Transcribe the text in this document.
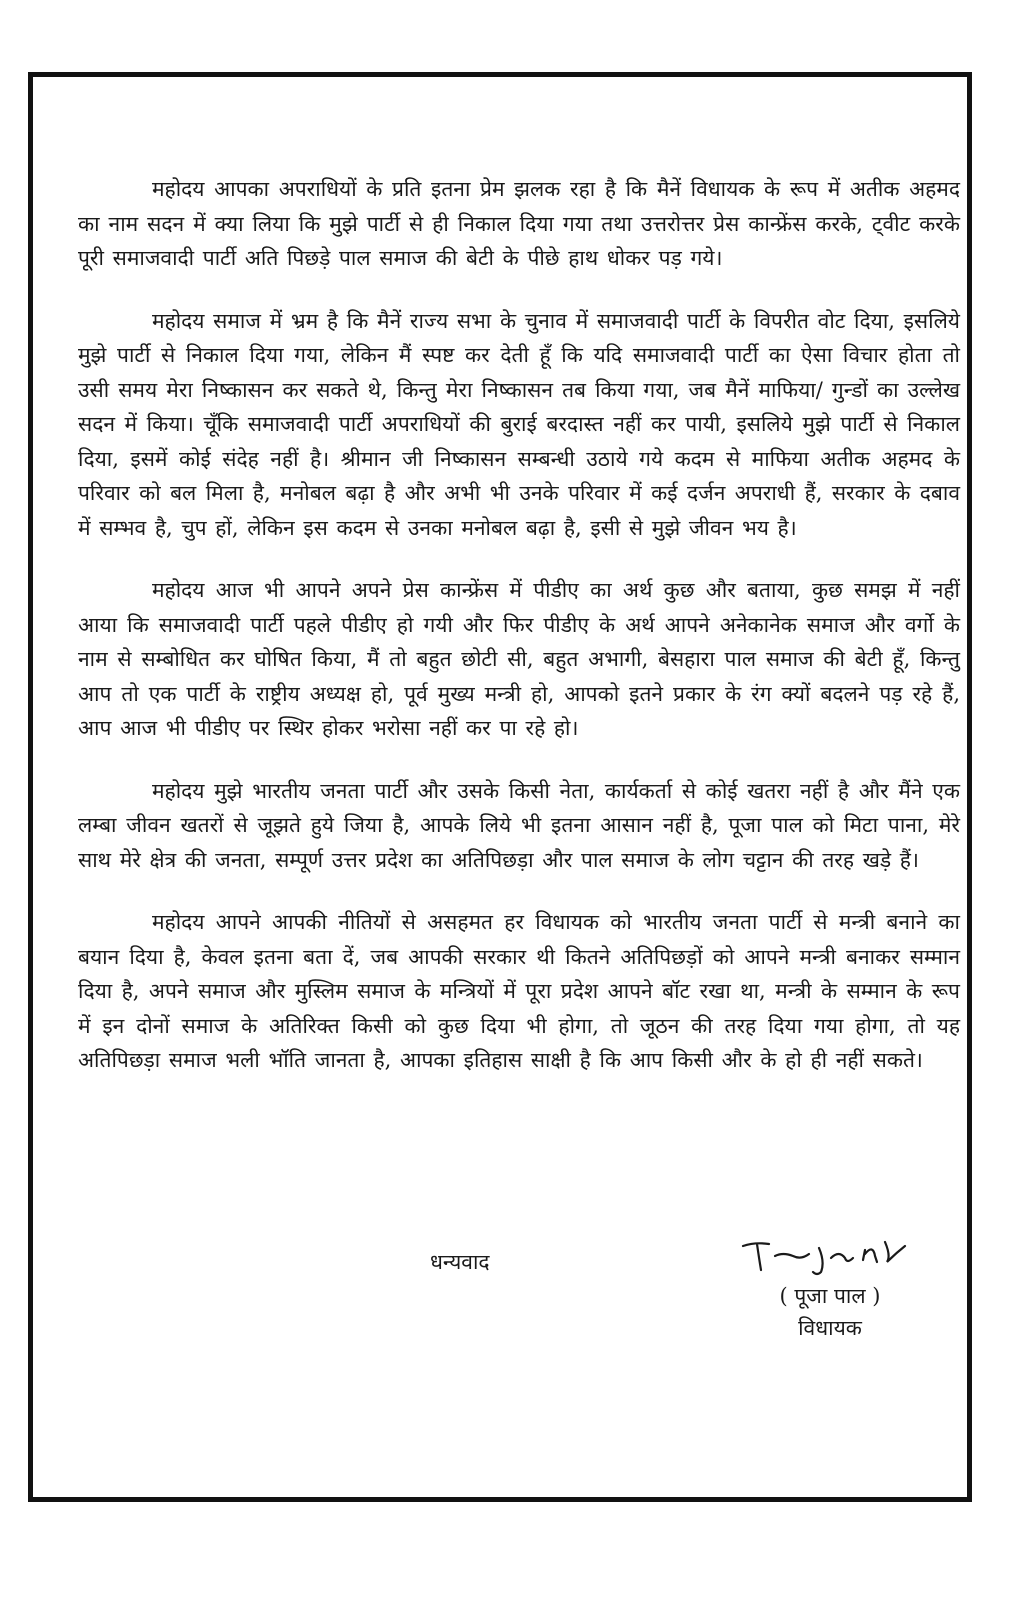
महोदय आपका अपराधियों के प्रति इतना प्रेम झलक रहा है कि मैनें विधायक के रूप में अतीक अहमद का नाम सदन में क्या लिया कि मुझे पार्टी से ही निकाल दिया गया तथा उत्तरोत्तर प्रेस कान्फ्रेंस करके, ट्वीट करके पूरी समाजवादी पार्टी अति पिछड़े पाल समाज की बेटी के पीछे हाथ धोकर पड़ गये।

महोदय समाज में भ्रम है कि मैनें राज्य सभा के चुनाव में समाजवादी पार्टी के विपरीत वोट दिया, इसलिये मुझे पार्टी से निकाल दिया गया, लेकिन मैं स्पष्ट कर देती हूँ कि यदि समाजवादी पार्टी का ऐसा विचार होता तो उसी समय मेरा निष्कासन कर सकते थे, किन्तु मेरा निष्कासन तब किया गया, जब मैनें माफिया/ गुन्डों का उल्लेख सदन में किया। चूँकि समाजवादी पार्टी अपराधियों की बुराई बरदास्त नहीं कर पायी, इसलिये मुझे पार्टी से निकाल दिया, इसमें कोई संदेह नहीं है। श्रीमान जी निष्कासन सम्बन्धी उठाये गये कदम से माफिया अतीक अहमद के परिवार को बल मिला है, मनोबल बढ़ा है और अभी भी उनके परिवार में कई दर्जन अपराधी हैं, सरकार के दबाव में सम्भव है, चुप हों, लेकिन इस कदम से उनका मनोबल बढ़ा है, इसी से मुझे जीवन भय है।

महोदय आज भी आपने अपने प्रेस कान्फ्रेंस में पीडीए का अर्थ कुछ और बताया, कुछ समझ में नहीं आया कि समाजवादी पार्टी पहले पीडीए हो गयी और फिर पीडीए के अर्थ आपने अनेकानेक समाज और वर्गो के नाम से सम्बोधित कर घोषित किया, मैं तो बहुत छोटी सी, बहुत अभागी, बेसहारा पाल समाज की बेटी हूँ, किन्तु आप तो एक पार्टी के राष्ट्रीय अध्यक्ष हो, पूर्व मुख्य मन्त्री हो, आपको इतने प्रकार के रंग क्यों बदलने पड़ रहे हैं, आप आज भी पीडीए पर स्थिर होकर भरोसा नहीं कर पा रहे हो।

महोदय मुझे भारतीय जनता पार्टी और उसके किसी नेता, कार्यकर्ता से कोई खतरा नहीं है और मैंने एक लम्बा जीवन खतरों से जूझते हुये जिया है, आपके लिये भी इतना आसान नहीं है, पूजा पाल को मिटा पाना, मेरे साथ मेरे क्षेत्र की जनता, सम्पूर्ण उत्तर प्रदेश का अतिपिछड़ा और पाल समाज के लोग चट्टान की तरह खड़े हैं।

महोदय आपने आपकी नीतियों से असहमत हर विधायक को भारतीय जनता पार्टी से मन्त्री बनाने का बयान दिया है, केवल इतना बता दें, जब आपकी सरकार थी कितने अतिपिछड़ों को आपने मन्त्री बनाकर सम्मान दिया है, अपने समाज और मुस्लिम समाज के मन्त्रियों में पूरा प्रदेश आपने बॉट रखा था, मन्त्री के सम्मान के रूप में इन दोनों समाज के अतिरिक्त किसी को कुछ दिया भी होगा, तो जूठन की तरह दिया गया होगा, तो यह अतिपिछड़ा समाज भली भॉति जानता है, आपका इतिहास साक्षी है कि आप किसी और के हो ही नहीं सकते।

धन्यवाद
( पूजा पाल )
विधायक
